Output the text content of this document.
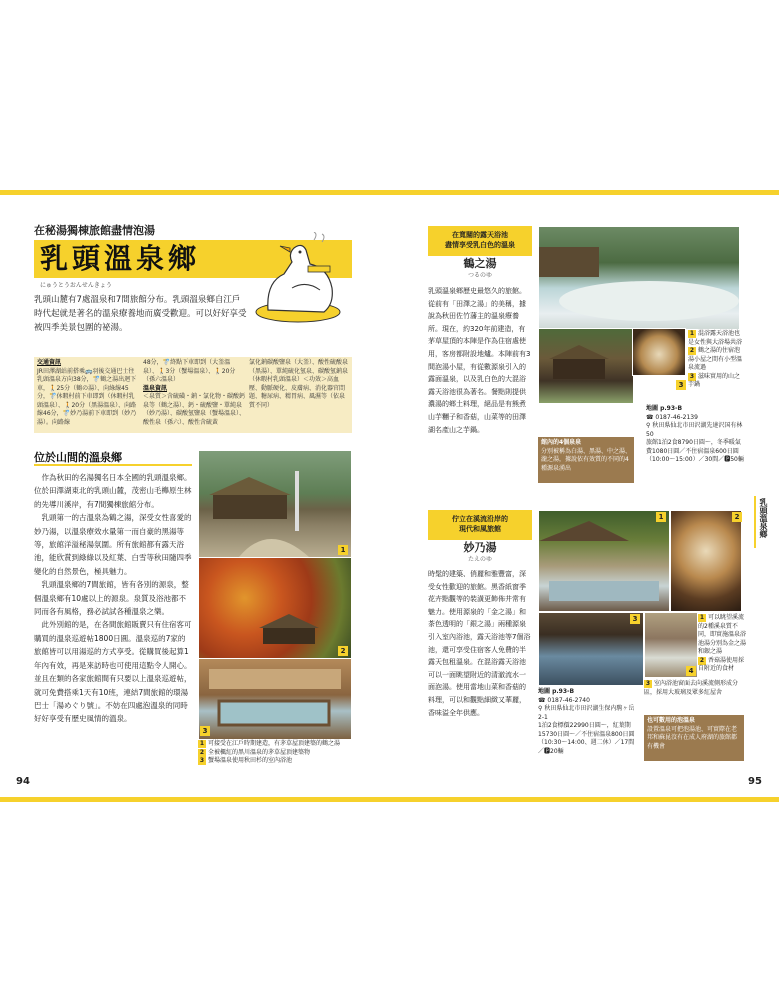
在秘湯獨棟旅館盡情泡湯
乳頭溫泉鄉
にゅうとうおんせんきょう
乳頭山麓有7處溫泉和7間旅館分布。乳頭溫泉鄉自江戶時代起就是著名的溫泉療養地而廣受歡迎。可以好好享受被四季美景包圍的祕湯。
交通資訊
JR田澤湖站前搭乘🚌羽後交通巴士往乳頭溫泉方向38分，🚏鶴之湯出迴下車，🚶25分（鶴の湯）、向綠線45分，🚏休暇村前下車即到（休暇村乳頭溫泉）、🚶20分（黑湯溫泉）、向路線46分，🚏妙乃湯前下車即到（妙乃湯）。向路線
48分，🚏終點下車即到（大釜溫泉）、🚶3分（蟹場溫泉）、🚶20分（孫六溫泉）
溫泉資訊
＜泉質＞含硫磺・鈉・氯化物・碳酸鈣泉等（鶴之湯）、鈣・硫酸鹽・單純泉（妙乃湯）、碳酸氫鹽泉（蟹場溫泉）、酸性泉（孫六）、酸性含硫黃
氯化鈉碳酸鹽泉（大釜）、酸性硫酸泉（黑湯）、單純硫化氫泉、碳酸氫鈉泉（休暇村乳頭溫泉）＜功效＞高血壓、動脈硬化、皮膚病、消化器官問題、糖尿病、精胃病、風濕等（依泉質不同）
位於山間的溫泉鄉

作為秋田的名湯獨名日本全國的乳頭溫泉鄉。位於田澤湖東北的乳頭山麓，茂密山毛櫸原生林的先導川溪岸，有7間獨棟旅館分布。

乳頭第一的古溫泉為鶴之湯，深受女性喜愛的妙乃湯，以溫泉療效水量第一而自豪的黑湯等等，旅館洋溢秘湯氛圍。所有旅館都有露天浴池，能欣賞到綠綠以及紅葉、白雪等秋田隨四季變化的自然景色，極具魅力。

乳頭溫泉鄉的7間旅館，皆有各別的源泉，整個溫泉鄉有10處以上的源泉。泉質及浴池都不同而各有風格，務必試試各種溫泉之樂。

此外別館的是，在各間旅館販賣只有住宿客可購買的溫泉巡遊帖1800日圓。溫泉巡的7家的旅館皆可以用湯巡的方式享受。從購買後起算1年內有效，再是來訪時也可使用這點令人開心。並且在類的各家旅館間有只要以上溫泉巡遊帖，就可免費搭乘1天有10班，連結7間旅館的環湯巴士「湯めぐり號」。不妨在四處泡溫泉的同時好好享受有歷史風情的溫泉。

1
2
3
1 可接受在江戶時期建造，有茅草屋頂建築的鶴之湯
2 全被楓紅的黑川溫泉的茅草屋頂建築物
3 蟹場溫泉使用秋田杉的室內浴池
94
在寬闊的露天浴池
盡情享受乳白色的溫泉
鶴之湯
つるのゆ
乳頭溫泉鄉歷史最悠久的旅館。從前有「田澤之湯」的美稱，據說為秋田佐竹藩主的溫泉療養所。現在，約320年前建造，有茅草屋頂的本陣是作為住宿處使用，客房都附設地爐。本陣前有3間泡湯小屋，有從數源泉引入的露面溫泉，以及乳白色的大混浴露天浴池很為著名。餐點則提供濃湯的鄉土料理，絕品是有熊煮山芋糰子和香菇，山菜等的田澤湖名產山之芋鍋。
3
1 混浴露天浴池也是女性與大浴場共浴
2 鶴之湯的住宿泡湯小屋之間有小型溫泉流過
3 滋味實用的山之芋鍋
館內的4個泉泉
分別被稱為白湯、黑湯、中之湯、瀧之湯，據說依有效質的不同的4種源泉湧出
地圖 p.93-B
☎ 0187-46-2139
⚲ 秋田県仙北市田沢湖先達沢国有林50
旅館1泊2食8790日圓～，冬季暖氣費1080日圓／不住宿溫泉600日圓（10:00～15:00）／30間／🅿50輛
佇立在溪流沿岸的
現代和風旅館
妙乃湯
たえのゆ
時髦的建築、俏麗和雅豐富，深受女性歡迎的旅館。黑香紙窗季花卉點觀等的裝潢更飾佈井常有魅力。使用源泉的「金之湯」和茶色透明的「銀之湯」兩種源泉引入室內浴池，露天浴池等7個浴池，還可享受住宿客人免費的半露天包租溫泉。在混浴露天浴池可以一面眺望附近的清澈流水一面泡湯。使用當地山菜和香菇的料理，可以和觀點細緻又華麗，香味溢全年供應。
1	2
3
4
1 可以眺望溪流的2種溪泉質不同，即實施溫泉浴池湯分別為金之湯和銀之湯
2 香菇湯使用採自附近的食材
3 室內浴池窗面去向溪流側形成分區，採用大玻璃及眾多紅屋舍
地圖 p.93-B
☎ 0187-46-2740
⚲ 秋田県仙北市田沢湖生保内駒ヶ岳2-1
1泊2食標價22990日圓～，紅葉期15730日圓～／不住宿溫泉800日圓（10:30～14:00、週二休）／17間／🅿20輛
也可數用的泡溫泉
設置溫泉可把泡湯池、可實際在老邦和蘇昆沒有在成人府湖的旅館都有機會
乳頭溫泉鄉
95
